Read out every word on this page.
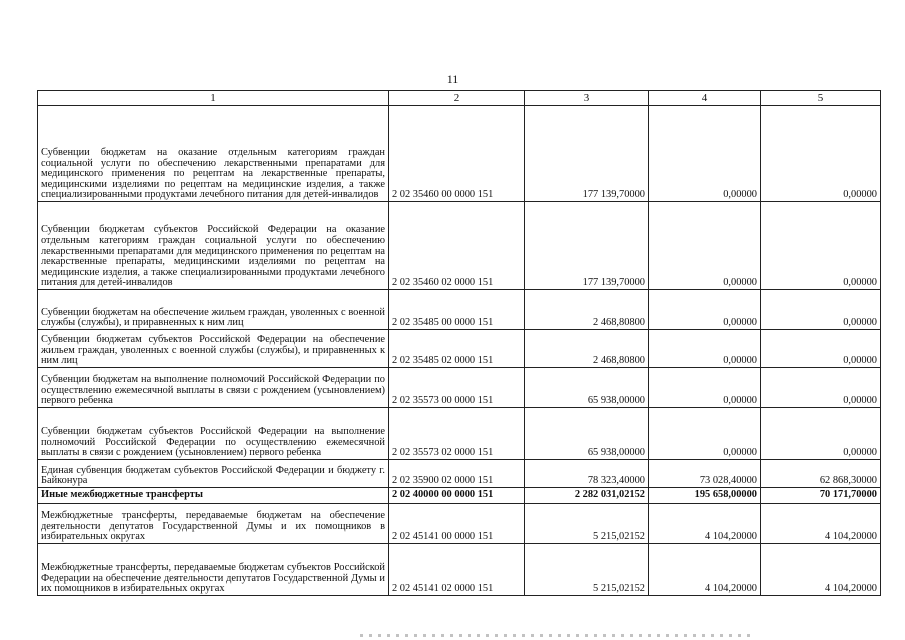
11
1	2	3	4	5
Субвенции бюджетам на оказание отдельным категориям граждан социальной услуги по обеспечению лекарственными препаратами для медицинского применения по рецептам на лекарственные препараты, медицинскими изделиями по рецептам на медицинские изделия, а также специализированными продуктами лечебного питания для детей-инвалидов	2 02 35460 00 0000 151	177 139,70000	0,00000	0,00000
Субвенции бюджетам субъектов Российской Федерации на оказание отдельным категориям граждан социальной услуги по обеспечению лекарственными препаратами для медицинского применения по рецептам на лекарственные препараты, медицинскими изделиями по рецептам на медицинские изделия, а также специализированными продуктами лечебного питания для детей-инвалидов	2 02 35460 02 0000 151	177 139,70000	0,00000	0,00000
Субвенции бюджетам на обеспечение жильем граждан, уволенных с военной службы (службы), и приравненных к ним лиц	2 02 35485 00 0000 151	2 468,80800	0,00000	0,00000
Субвенции бюджетам субъектов Российской Федерации на обеспечение жильем граждан, уволенных с военной службы (службы), и приравненных к ним лиц	2 02 35485 02 0000 151	2 468,80800	0,00000	0,00000
Субвенции бюджетам на выполнение полномочий Российской Федерации по осуществлению ежемесячной выплаты в связи с рождением (усыновлением) первого ребенка	2 02 35573 00 0000 151	65 938,00000	0,00000	0,00000
Субвенции бюджетам субъектов Российской Федерации на выполнение полномочий Российской Федерации по осуществлению ежемесячной выплаты в связи с рождением (усыновлением) первого ребенка	2 02 35573 02 0000 151	65 938,00000	0,00000	0,00000
Единая субвенция бюджетам субъектов Российской Федерации и бюджету г. Байконура	2 02 35900 02 0000 151	78 323,40000	73 028,40000	62 868,30000
Иные межбюджетные трансферты	2 02 40000 00 0000 151	2 282 031,02152	195 658,00000	70 171,70000
Межбюджетные трансферты, передаваемые бюджетам на обеспечение деятельности депутатов Государственной Думы и их помощников в избирательных округах	2 02 45141 00 0000 151	5 215,02152	4 104,20000	4 104,20000
Межбюджетные трансферты, передаваемые бюджетам субъектов Российской Федерации на обеспечение деятельности депутатов Государственной Думы и их помощников в избирательных округах	2 02 45141 02 0000 151	5 215,02152	4 104,20000	4 104,20000
